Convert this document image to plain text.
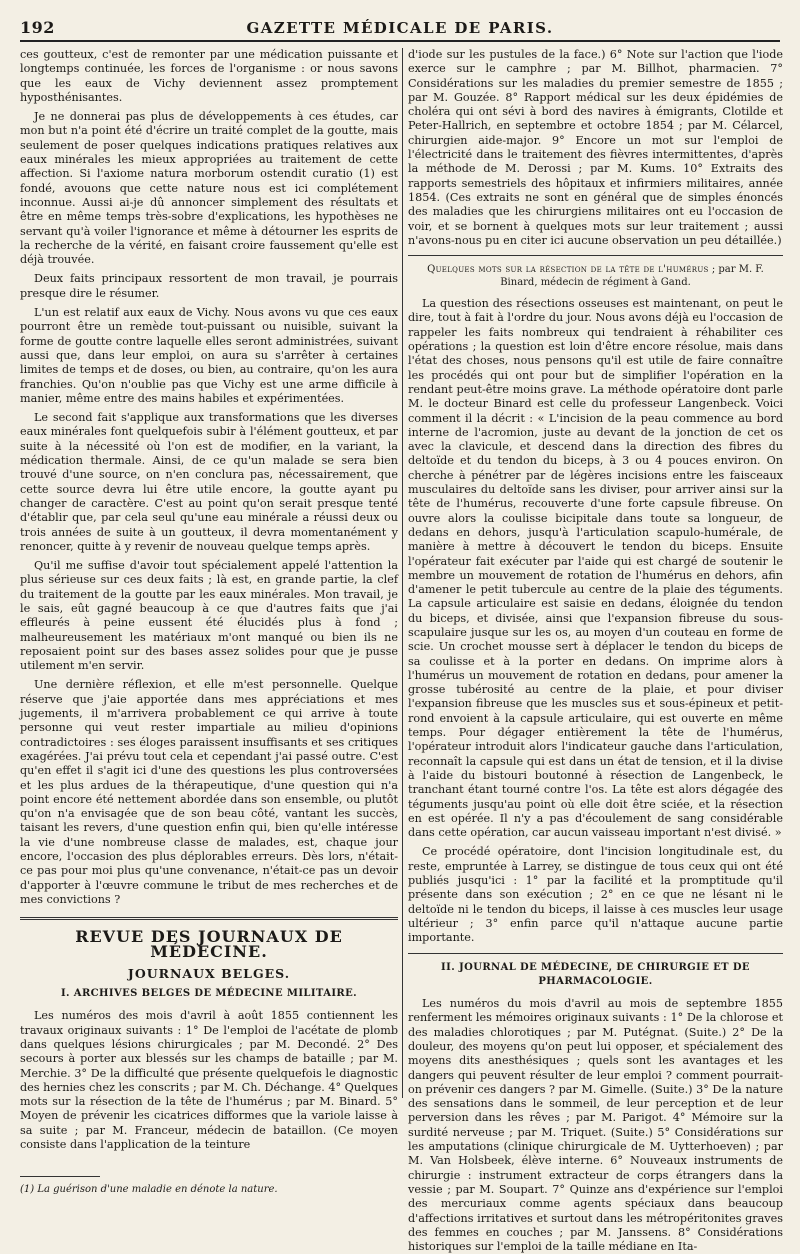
192	GAZETTE MÉDICALE DE PARIS.

ces goutteux, c'est de remonter par une médication puissante et longtemps continuée, les forces de l'organisme : or nous savons que les eaux de Vichy deviennent assez promptement hyposthénisantes.

Je ne donnerai pas plus de développements à ces études, car mon but n'a point été d'écrire un traité complet de la goutte, mais seulement de poser quelques indications pratiques relatives aux eaux minérales les mieux appropriées au traitement de cette affection. Si l'axiome natura morborum ostendit curatio (1) est fondé, avouons que cette nature nous est ici complétement inconnue. Aussi ai-je dû annoncer simplement des résultats et être en même temps très-sobre d'explications, les hypothèses ne servant qu'à voiler l'ignorance et même à détourner les esprits de la recherche de la vérité, en faisant croire faussement qu'elle est déjà trouvée.

Deux faits principaux ressortent de mon travail, je pourrais presque dire le résumer.

L'un est relatif aux eaux de Vichy. Nous avons vu que ces eaux pourront être un remède tout-puissant ou nuisible, suivant la forme de goutte contre laquelle elles seront administrées, suivant aussi que, dans leur emploi, on aura su s'arrêter à certaines limites de temps et de doses, ou bien, au contraire, qu'on les aura franchies. Qu'on n'oublie pas que Vichy est une arme difficile à manier, même entre des mains habiles et expérimentées.

Le second fait s'applique aux transformations que les diverses eaux minérales font quelquefois subir à l'élément goutteux, et par suite à la nécessité où l'on est de modifier, en la variant, la médication thermale. Ainsi, de ce qu'un malade se sera bien trouvé d'une source, on n'en conclura pas, nécessairement, que cette source devra lui être utile encore, la goutte ayant pu changer de caractère. C'est au point qu'on serait presque tenté d'établir que, par cela seul qu'une eau minérale a réussi deux ou trois années de suite à un goutteux, il devra momentanément y renoncer, quitte à y revenir de nouveau quelque temps après.

Qu'il me suffise d'avoir tout spécialement appelé l'attention la plus sérieuse sur ces deux faits ; là est, en grande partie, la clef du traitement de la goutte par les eaux minérales. Mon travail, je le sais, eût gagné beaucoup à ce que d'autres faits que j'ai effleurés à peine eussent été élucidés plus à fond ; malheureusement les matériaux m'ont manqué ou bien ils ne reposaient point sur des bases assez solides pour que je pusse utilement m'en servir.

Une dernière réflexion, et elle m'est personnelle. Quelque réserve que j'aie apportée dans mes appréciations et mes jugements, il m'arrivera probablement ce qui arrive à toute personne qui veut rester impartiale au milieu d'opinions contradictoires : ses éloges paraissent insuffisants et ses critiques exagérées. J'ai prévu tout cela et cependant j'ai passé outre. C'est qu'en effet il s'agit ici d'une des questions les plus controversées et les plus ardues de la thérapeutique, d'une question qui n'a point encore été nettement abordée dans son ensemble, ou plutôt qu'on n'a envisagée que de son beau côté, vantant les succès, taisant les revers, d'une question enfin qui, bien qu'elle intéresse la vie d'une nombreuse classe de malades, est, chaque jour encore, l'occasion des plus déplorables erreurs. Dès lors, n'était-ce pas pour moi plus qu'une convenance, n'était-ce pas un devoir d'apporter à l'œuvre commune le tribut de mes recherches et de mes convictions ?

REVUE DES JOURNAUX DE MÉDECINE.
JOURNAUX BELGES.
I. ARCHIVES BELGES DE MÉDECINE MILITAIRE.

Les numéros des mois d'avril à août 1855 contiennent les travaux originaux suivants : 1° De l'emploi de l'acétate de plomb dans quelques lésions chirurgicales ; par M. Decondé. 2° Des secours à porter aux blessés sur les champs de bataille ; par M. Merchie. 3° De la difficulté que présente quelquefois le diagnostic des hernies chez les conscrits ; par M. Ch. Déchange. 4° Quelques mots sur la résection de la tête de l'humérus ; par M. Binard. 5° Moyen de prévenir les cicatrices difformes que la variole laisse à sa suite ; par M. Franceur, médecin de bataillon. (Ce moyen consiste dans l'application de la teinture

(1) La guérison d'une maladie en dénote la nature.

d'iode sur les pustules de la face.) 6° Note sur l'action que l'iode exerce sur le camphre ; par M. Billhot, pharmacien. 7° Considérations sur les maladies du premier semestre de 1855 ; par M. Gouzée. 8° Rapport médical sur les deux épidémies de choléra qui ont sévi à bord des navires à émigrants, Clotilde et Peter-Hallrich, en septembre et octobre 1854 ; par M. Célarcel, chirurgien aide-major. 9° Encore un mot sur l'emploi de l'électricité dans le traitement des fièvres intermittentes, d'après la méthode de M. Derossi ; par M. Kums. 10° Extraits des rapports semestriels des hôpitaux et infirmiers militaires, année 1854. (Ces extraits ne sont en général que de simples énoncés des maladies que les chirurgiens militaires ont eu l'occasion de voir, et se bornent à quelques mots sur leur traitement ; aussi n'avons-nous pu en citer ici aucune observation un peu détaillée.)

Quelques mots sur la résection de la tête de l'humérus ; par M. F. Binard, médecin de régiment à Gand.

La question des résections osseuses est maintenant, on peut le dire, tout à fait à l'ordre du jour. Nous avons déjà eu l'occasion de rappeler les faits nombreux qui tendraient à réhabiliter ces opérations ; la question est loin d'être encore résolue, mais dans l'état des choses, nous pensons qu'il est utile de faire connaître les procédés qui ont pour but de simplifier l'opération en la rendant peut-être moins grave. La méthode opératoire dont parle M. le docteur Binard est celle du professeur Langenbeck. Voici comment il la décrit : « L'incision de la peau commence au bord interne de l'acromion, juste au devant de la jonction de cet os avec la clavicule, et descend dans la direction des fibres du deltoïde et du tendon du biceps, à 3 ou 4 pouces environ. On cherche à pénétrer par de légères incisions entre les faisceaux musculaires du deltoïde sans les diviser, pour arriver ainsi sur la tête de l'humérus, recouverte d'une forte capsule fibreuse. On ouvre alors la coulisse bicipitale dans toute sa longueur, de dedans en dehors, jusqu'à l'articulation scapulo-humérale, de manière à mettre à découvert le tendon du biceps. Ensuite l'opérateur fait exécuter par l'aide qui est chargé de soutenir le membre un mouvement de rotation de l'humérus en dehors, afin d'amener le petit tubercule au centre de la plaie des téguments. La capsule articulaire est saisie en dedans, éloignée du tendon du biceps, et divisée, ainsi que l'expansion fibreuse du sous-scapulaire jusque sur les os, au moyen d'un couteau en forme de scie. Un crochet mousse sert à déplacer le tendon du biceps de sa coulisse et à la porter en dedans. On imprime alors à l'humérus un mouvement de rotation en dedans, pour amener la grosse tubérosité au centre de la plaie, et pour diviser l'expansion fibreuse que les muscles sus et sous-épineux et petit-rond envoient à la capsule articulaire, qui est ouverte en même temps. Pour dégager entièrement la tête de l'humérus, l'opérateur introduit alors l'indicateur gauche dans l'articulation, reconnaît la capsule qui est dans un état de tension, et il la divise à l'aide du bistouri boutonné à résection de Langenbeck, le tranchant étant tourné contre l'os. La tête est alors dégagée des téguments jusqu'au point où elle doit être sciée, et la résection en est opérée. Il n'y a pas d'écoulement de sang considérable dans cette opération, car aucun vaisseau important n'est divisé. »

Ce procédé opératoire, dont l'incision longitudinale est, du reste, empruntée à Larrey, se distingue de tous ceux qui ont été publiés jusqu'ici : 1° par la facilité et la promptitude qu'il présente dans son exécution ; 2° en ce que ne lésant ni le deltoïde ni le tendon du biceps, il laisse à ces muscles leur usage ultérieur ; 3° enfin parce qu'il n'attaque aucune partie importante.

II. JOURNAL DE MÉDECINE, DE CHIRURGIE ET DE PHARMACOLOGIE.

Les numéros du mois d'avril au mois de septembre 1855 renferment les mémoires originaux suivants : 1° De la chlorose et des maladies chlorotiques ; par M. Putégnat. (Suite.) 2° De la douleur, des moyens qu'on peut lui opposer, et spécialement des moyens dits anesthésiques ; quels sont les avantages et les dangers qui peuvent résulter de leur emploi ? comment pourrait-on prévenir ces dangers ? par M. Gimelle. (Suite.) 3° De la nature des sensations dans le sommeil, de leur perception et de leur perversion dans les rêves ; par M. Parigot. 4° Mémoire sur la surdité nerveuse ; par M. Triquet. (Suite.) 5° Considérations sur les amputations (clinique chirurgicale de M. Uytterhoeven) ; par M. Van Holsbeek, élève interne. 6° Nouveaux instruments de chirurgie : instrument extracteur de corps étrangers dans la vessie ; par M. Soupart. 7° Quinze ans d'expérience sur l'emploi des mercuriaux comme agents spéciaux dans beaucoup d'affections irritatives et surtout dans les métropéritonites graves des femmes en couches ; par M. Janssens. 8° Considérations historiques sur l'emploi de la taille médiane en Ita-
